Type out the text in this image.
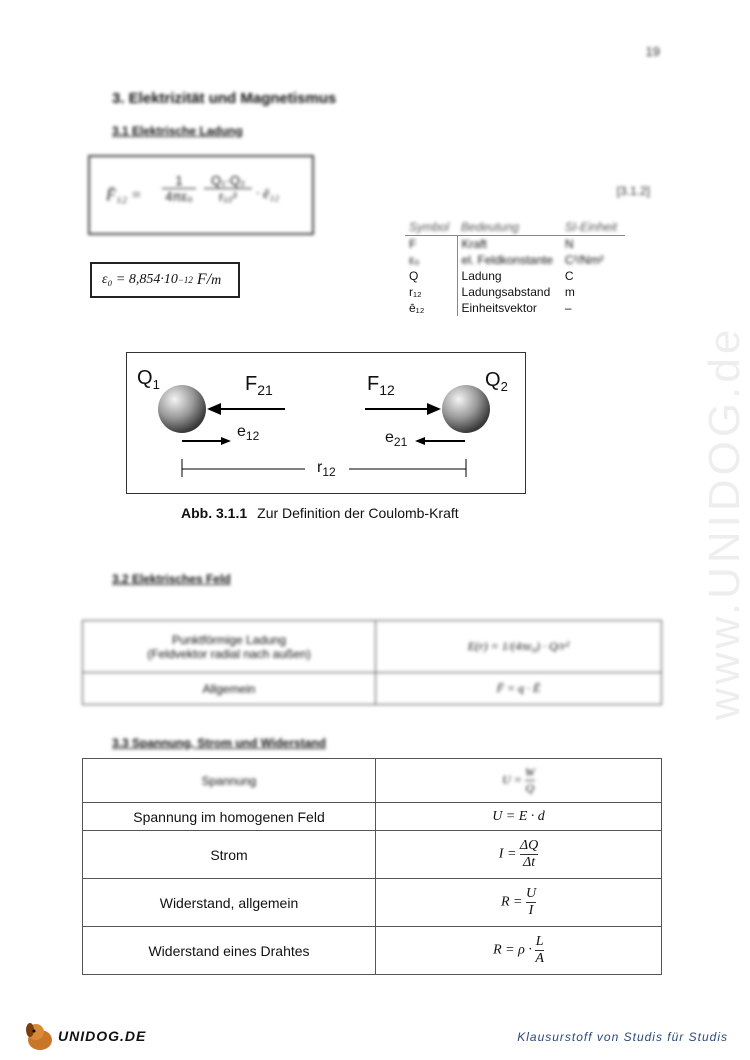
19
3. Elektrizität und Magnetismus
3.1 Elektrische Ladung
F̄₁₂ =
1
4πε₀
Q₁·Q₂
r₁₂²	· ē₁₂
ε₀ = 8,854·10 −12 F/m
[3.1.2]
Symbol	Bedeutung	SI-Einheit
F	Kraft	N
ε₀	el. Feldkonstante	C²/Nm²
Q	Ladung	C
r₁₂	Ladungsabstand	m
ē₁₂	Einheitsvektor	–
$Q_1$	$Q_2$
$F_{21}$	$F_{12}$
$e_{12}$	$e_{21}$
$r_{12}$
Abb. 3.1.1 Zur Definition der Coulomb-Kraft
3.2 Elektrisches Feld
Punktförmige Ladung
(Feldvektor radial nach außen)	E(r) = 1/(4πε₀) · Q/r²
Allgemein	F̄ = q · Ē
3.3 Spannung, Strom und Widerstand
Spannung	$U = \frac{W}{Q}$

Spannung im homogenen Feld	U = E · d
Strom	$I = \frac{\Delta Q}{\Delta t}$

Widerstand, allgemein	$R = \frac{U}{I}$

Widerstand eines Drahtes	$R = \rho \cdot \frac{L}{A}$
www.UNIDOG.de
UNIDOG.DE	Klausurstoff von Studis für Studis
